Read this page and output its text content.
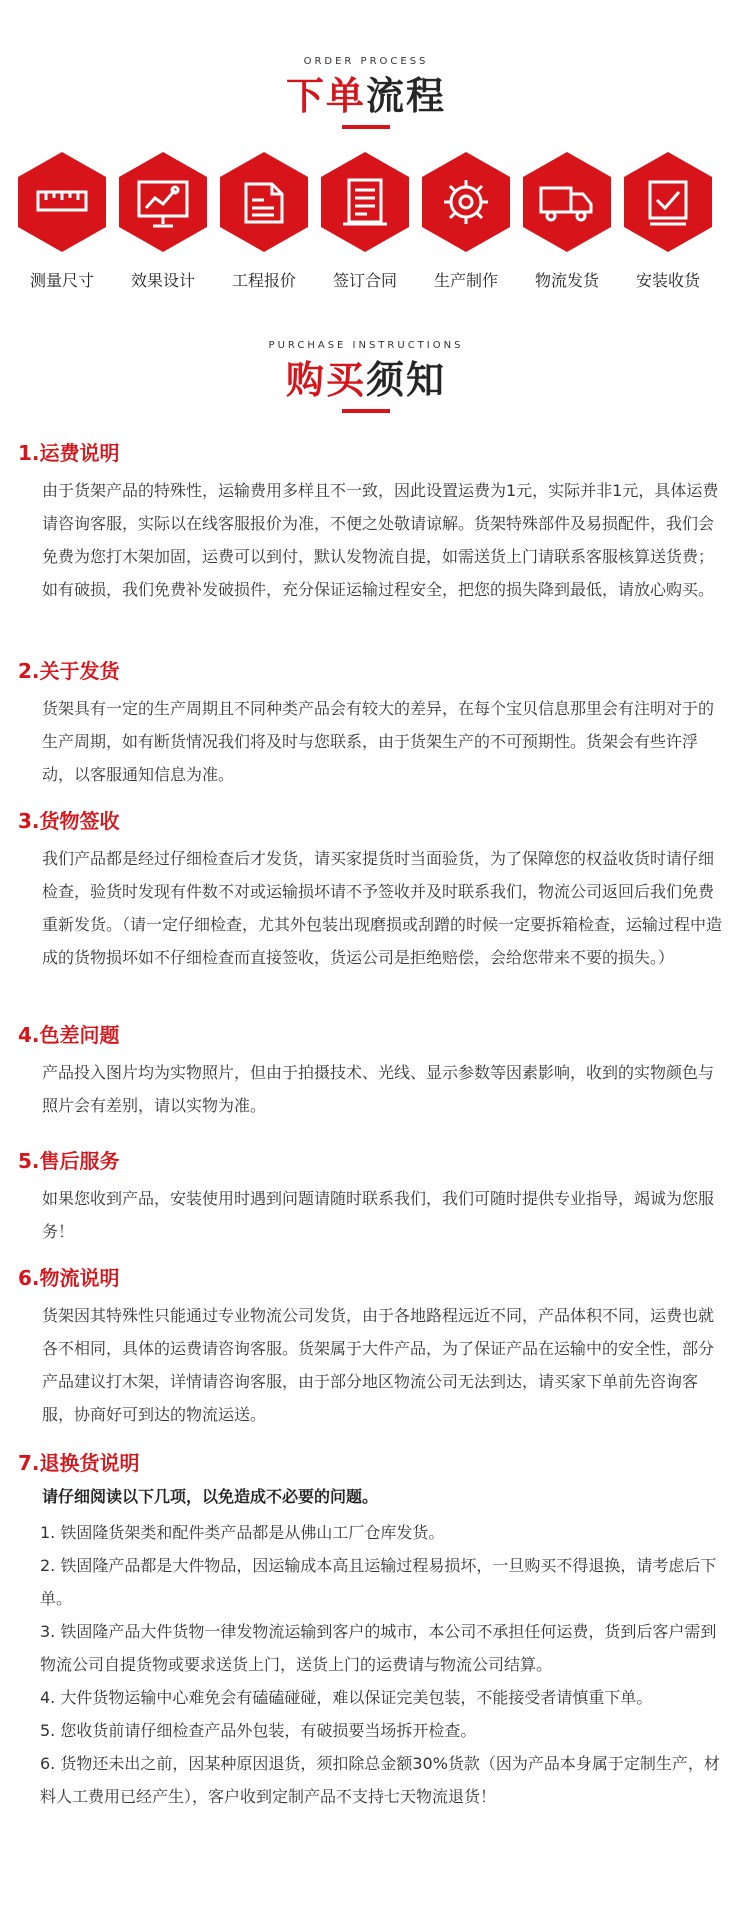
ORDER PROCESS
下单流程
测量尺寸	效果设计	工程报价	签订合同	生产制作	物流发货	安装收货
PURCHASE INSTRUCTIONS
购买须知
1.运费说明
由于货架产品的特殊性，运输费用多样且不一致，因此设置运费为1元，实际并非1元，具体运费请咨询客服，实际以在线客服报价为准，不便之处敬请谅解。货架特殊部件及易损配件，我们会免费为您打木架加固，运费可以到付，默认发物流自提，如需送货上门请联系客服核算送货费；如有破损，我们免费补发破损件，充分保证运输过程安全，把您的损失降到最低，请放心购买。
2.关于发货
货架具有一定的生产周期且不同种类产品会有较大的差异，在每个宝贝信息那里会有注明对于的生产周期，如有断货情况我们将及时与您联系，由于货架生产的不可预期性。货架会有些许浮动，以客服通知信息为准。
3.货物签收
我们产品都是经过仔细检查后才发货，请买家提货时当面验货，为了保障您的权益收货时请仔细检查，验货时发现有件数不对或运输损坏请不予签收并及时联系我们，物流公司返回后我们免费重新发货。（请一定仔细检查，尤其外包装出现磨损或刮蹭的时候一定要拆箱检查，运输过程中造成的货物损坏如不仔细检查而直接签收，货运公司是拒绝赔偿，会给您带来不要的损失。）
4.色差问题
产品投入图片均为实物照片，但由于拍摄技术、光线、显示参数等因素影响，收到的实物颜色与照片会有差别，请以实物为准。
5.售后服务
如果您收到产品，安装使用时遇到问题请随时联系我们，我们可随时提供专业指导，竭诚为您服务！
6.物流说明
货架因其特殊性只能通过专业物流公司发货，由于各地路程远近不同，产品体积不同，运费也就各不相同，具体的运费请咨询客服。货架属于大件产品，为了保证产品在运输中的安全性，部分产品建议打木架，详情请咨询客服，由于部分地区物流公司无法到达，请买家下单前先咨询客服，协商好可到达的物流运送。
7.退换货说明
请仔细阅读以下几项，以免造成不必要的问题。
1. 铁固隆货架类和配件类产品都是从佛山工厂仓库发货。
2. 铁固隆产品都是大件物品，因运输成本高且运输过程易损坏，一旦购买不得退换，请考虑后下单。
3. 铁固隆产品大件货物一律发物流运输到客户的城市，本公司不承担任何运费，货到后客户需到物流公司自提货物或要求送货上门，送货上门的运费请与物流公司结算。
4. 大件货物运输中心难免会有磕磕碰碰，难以保证完美包装，不能接受者请慎重下单。
5. 您收货前请仔细检查产品外包装，有破损要当场拆开检查。
6. 货物还未出之前，因某种原因退货，须扣除总金额30%货款（因为产品本身属于定制生产，材料人工费用已经产生），客户收到定制产品不支持七天物流退货！
